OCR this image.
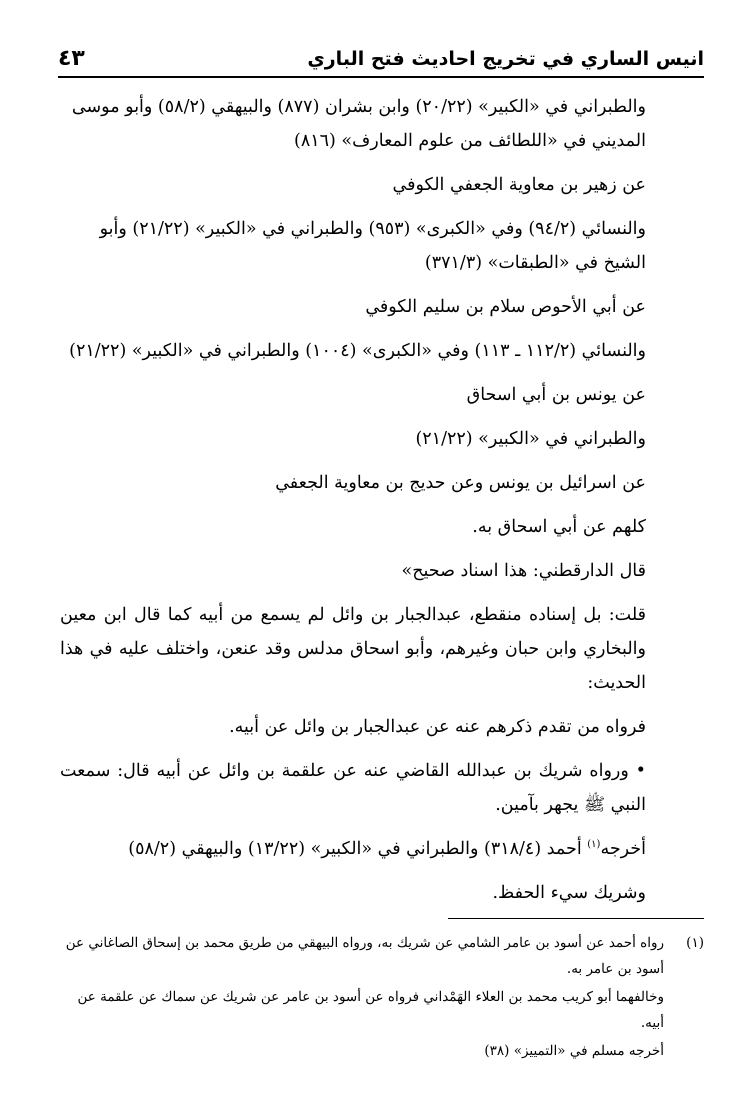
انيس الساري في تخريج احاديث فتح الباري
٤٣

والطبراني في «الكبير» (٢٠/٢٢) وابن بشران (٨٧٧) والبيهقي (٥٨/٢) وأبو موسى المديني في «اللطائف من علوم المعارف» (٨١٦)

عن زهير بن معاوية الجعفي الكوفي

والنسائي (٩٤/٢) وفي «الكبرى» (٩٥٣) والطبراني في «الكبير» (٢١/٢٢) وأبو الشيخ في «الطبقات» (٣٧١/٣)

عن أبي الأحوص سلام بن سليم الكوفي

والنسائي (١١٢/٢ ـ ١١٣) وفي «الكبرى» (١٠٠٤) والطبراني في «الكبير» (٢١/٢٢)

عن يونس بن أبي اسحاق

والطبراني في «الكبير» (٢١/٢٢)

عن اسرائيل بن يونس وعن حديج بن معاوية الجعفي

كلهم عن أبي اسحاق به.

قال الدارقطني: هذا اسناد صحيح»

قلت: بل إسناده منقطع، عبدالجبار بن وائل لم يسمع من أبيه كما قال ابن معين والبخاري وابن حبان وغيرهم، وأبو اسحاق مدلس وقد عنعن، واختلف عليه في هذا الحديث:

فرواه من تقدم ذكرهم عنه عن عبدالجبار بن وائل عن أبيه.

• ورواه شريك بن عبدالله القاضي عنه عن علقمة بن وائل عن أبيه قال: سمعت النبي ﷺ يجهر بآمين.

أخرجه$^{(١)}$ أحمد (٣١٨/٤) والطبراني في «الكبير» (١٣/٢٢) والبيهقي (٥٨/٢)

وشريك سيء الحفظ.

(١)

رواه أحمد عن أسود بن عامر الشامي عن شريك به، ورواه البيهقي من طريق محمد بن إسحاق الصاغاني عن أسود بن عامر به.

وخالفهما أبو كريب محمد بن العلاء الهَمْداني فرواه عن أسود بن عامر عن شريك عن سماك عن علقمة عن أبيه.

أخرجه مسلم في «التمييز» (٣٨)
